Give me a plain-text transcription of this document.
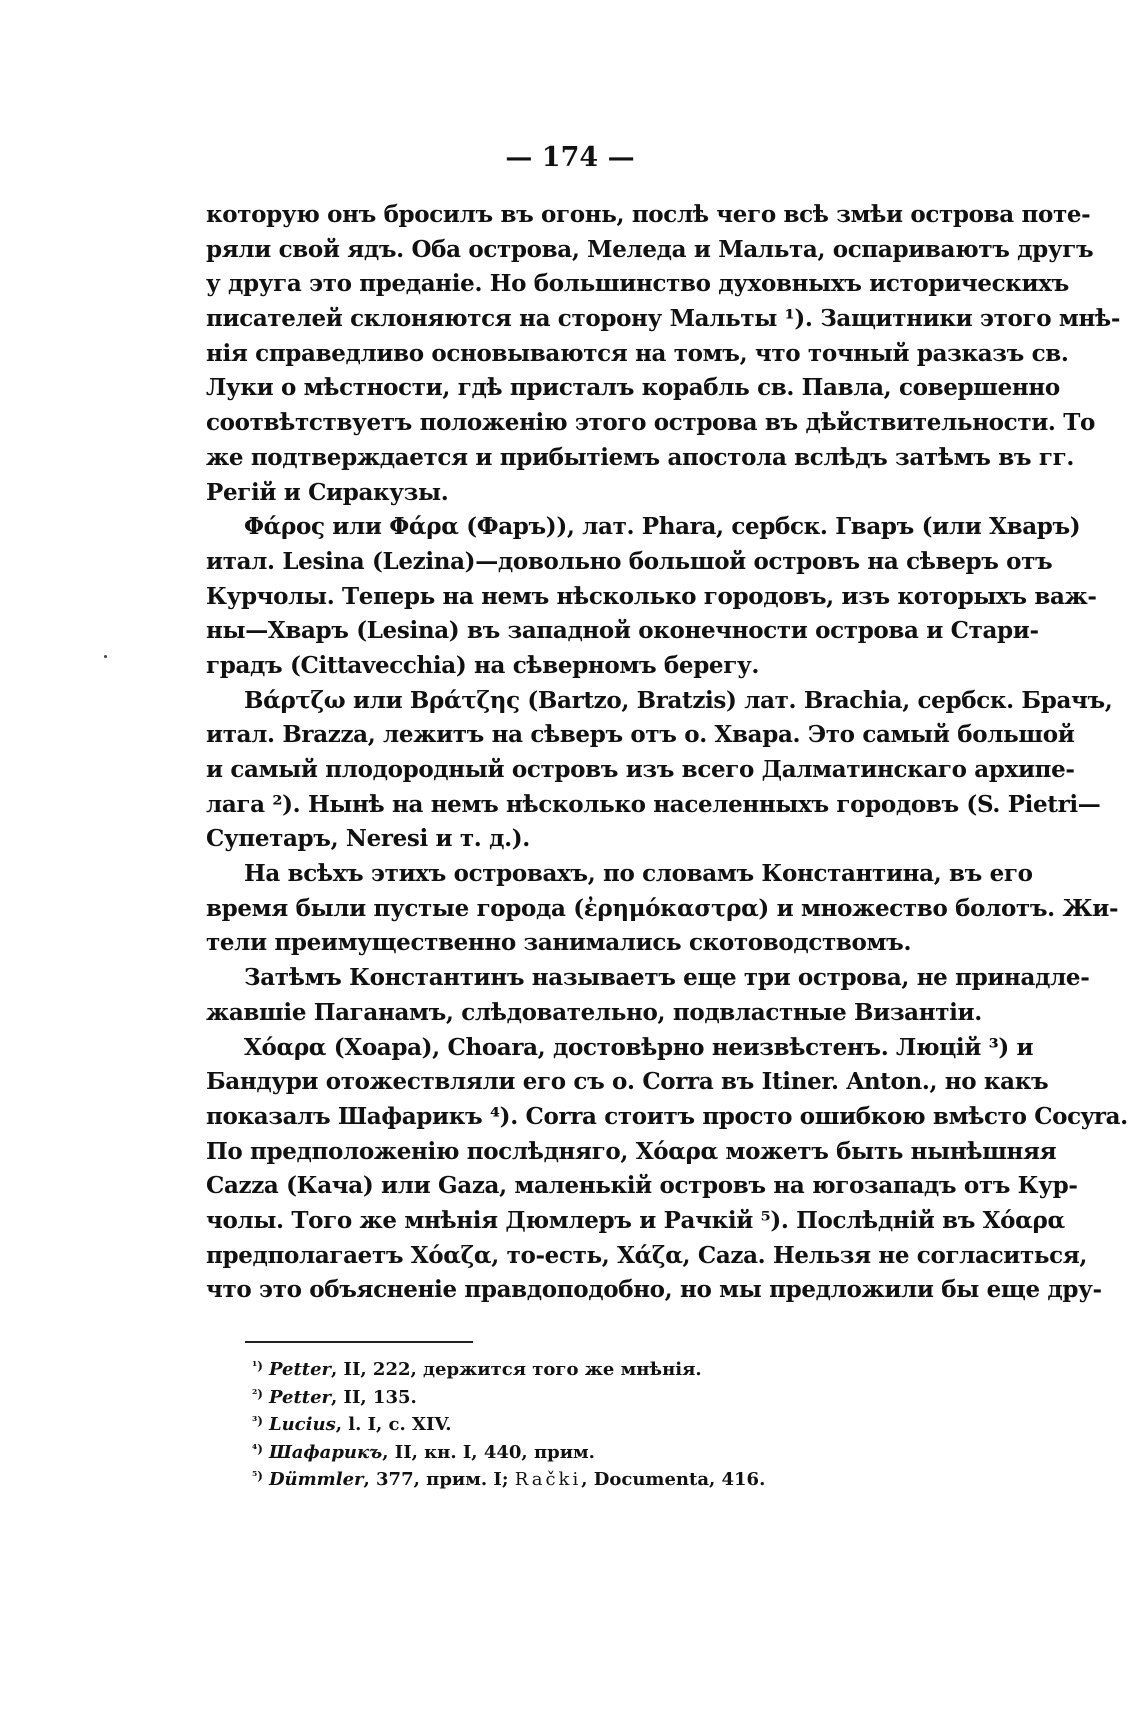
— 174 —
которую онъ бросилъ въ огонь, послѣ чего всѣ змѣи острова поте-
ряли свой ядъ. Оба острова, Меледа и Мальта, оспариваютъ другъ
у друга это преданіе. Но большинство духовныхъ историческихъ
писателей склоняются на сторону Мальты ¹). Защитники этого мнѣ-
нія справедливо основываются на томъ, что точный разказъ св.
Луки о мѣстности, гдѣ присталъ корабль св. Павла, совершенно
соотвѣтствуетъ положенію этого острова въ дѣйствительности. То
же подтверждается и прибытіемъ апостола вслѣдъ затѣмъ въ гг.
Регій и Сиракузы.
Φάρος или Φάρα (Фаръ)), лат. Phara, сербск. Гваръ (или Хваръ)
итал. Lesina (Lezina)—довольно большой островъ на сѣверъ отъ
Курчолы. Теперь на немъ нѣсколько городовъ, изъ которыхъ важ-
ны—Хваръ (Lesina) въ западной оконечности острова и Стари-
градъ (Cittavecchia) на сѣверномъ берегу.
Βάρτζω или Βράτζης (Bartzo, Bratzis) лат. Brachia, сербск. Брачъ,
итал. Brazza, лежитъ на сѣверъ отъ о. Хвара. Это самый большой
и самый плодородный островъ изъ всего Далматинскаго архипе-
лага ²). Нынѣ на немъ нѣсколько населенныхъ городовъ (S. Pietri—
Супетаръ, Neresi и т. д.).
На всѣхъ этихъ островахъ, по словамъ Константина, въ его
время были пустые города (ἐρημόκαστρα) и множество болотъ. Жи-
тели преимущественно занимались скотоводствомъ.
Затѣмъ Константинъ называетъ еще три острова, не принадле-
жавшіе Паганамъ, слѣдовательно, подвластные Византіи.
Χόαρα (Хоара), Choara, достовѣрно неизвѣстенъ. Люцій ³) и
Бандури отожествляли его съ о. Corra въ Itiner. Anton., но какъ
показалъ Шафарикъ ⁴). Corra стоитъ просто ошибкою вмѣсто Cocyra.
По предположенію послѣдняго, Χόαρα можетъ быть нынѣшняя
Cazza (Кача) или Gaza, маленькій островъ на югозападъ отъ Кур-
чолы. Того же мнѣнія Дюмлеръ и Рачкій ⁵). Послѣдній въ Χόαρα
предполагаетъ Χόαζα, то-есть, Χάζα, Caza. Нельзя не согласиться,
что это объясненіе правдоподобно, но мы предложили бы еще дру-
$^{^1)}$ Petter, II, 222, держится того же мнѣнія.
$^{^2)}$ Petter, II, 135.
$^{^3)}$ Lucius, l. I, c. XIV.
$^{^4)}$ Шафарикъ, II, кн. I, 440, прим.
$^{^5)}$ Dümmler, 377, прим. I; Rački, Documenta, 416.
